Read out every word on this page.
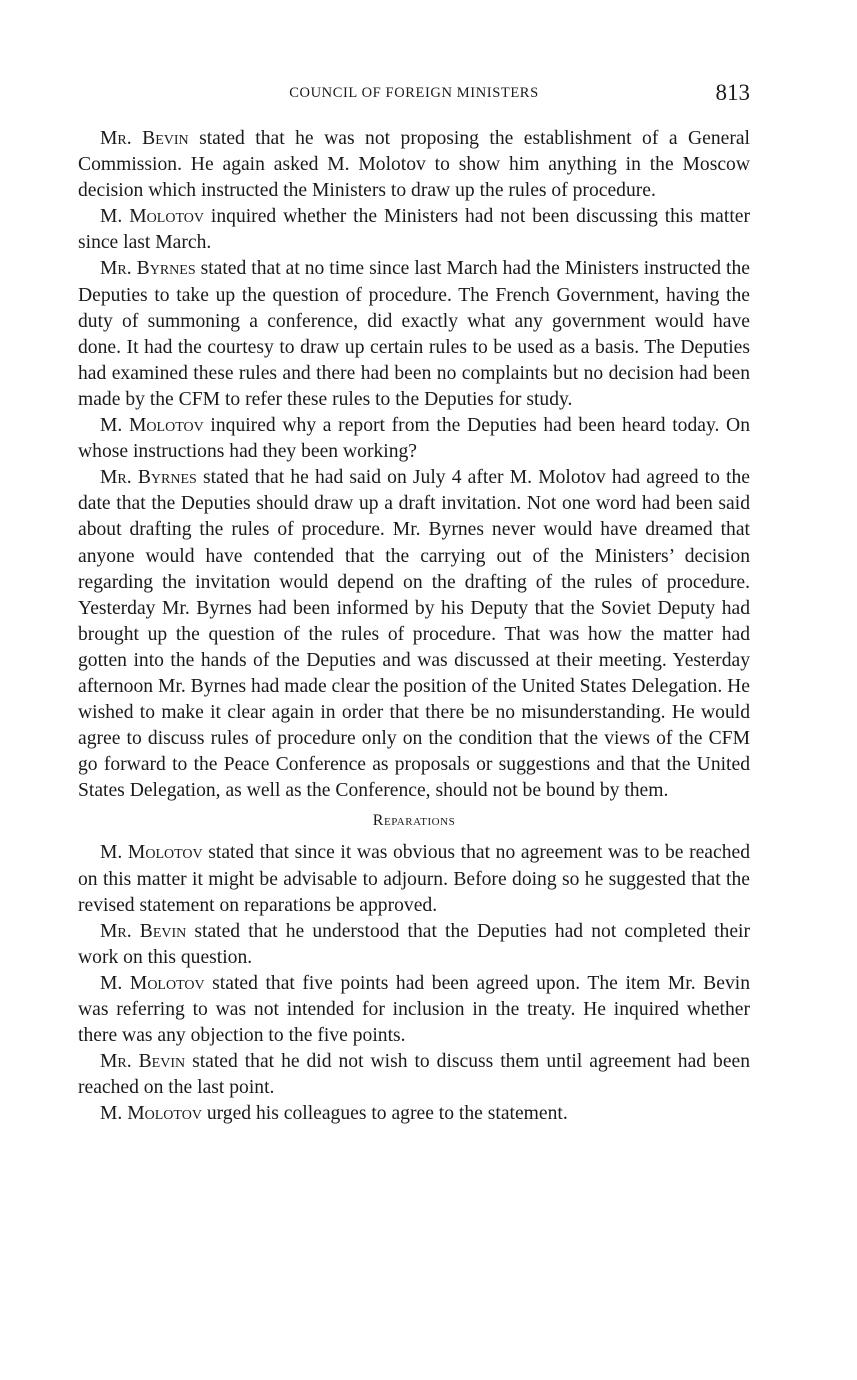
COUNCIL OF FOREIGN MINISTERS	813

Mr. Bevin stated that he was not proposing the establishment of a General Commission. He again asked M. Molotov to show him anything in the Moscow decision which instructed the Ministers to draw up the rules of procedure.

M. Molotov inquired whether the Ministers had not been discussing this matter since last March.

Mr. Byrnes stated that at no time since last March had the Ministers instructed the Deputies to take up the question of procedure. The French Government, having the duty of summoning a conference, did exactly what any government would have done. It had the courtesy to draw up certain rules to be used as a basis. The Deputies had examined these rules and there had been no complaints but no decision had been made by the CFM to refer these rules to the Deputies for study.

M. Molotov inquired why a report from the Deputies had been heard today. On whose instructions had they been working?

Mr. Byrnes stated that he had said on July 4 after M. Molotov had agreed to the date that the Deputies should draw up a draft invitation. Not one word had been said about drafting the rules of procedure. Mr. Byrnes never would have dreamed that anyone would have contended that the carrying out of the Ministers’ decision regarding the invitation would depend on the drafting of the rules of procedure. Yesterday Mr. Byrnes had been informed by his Deputy that the Soviet Deputy had brought up the question of the rules of procedure. That was how the matter had gotten into the hands of the Deputies and was discussed at their meeting. Yesterday afternoon Mr. Byrnes had made clear the position of the United States Delegation. He wished to make it clear again in order that there be no misunderstanding. He would agree to discuss rules of procedure only on the condition that the views of the CFM go forward to the Peace Conference as proposals or suggestions and that the United States Delegation, as well as the Conference, should not be bound by them.

Reparations

M. Molotov stated that since it was obvious that no agreement was to be reached on this matter it might be advisable to adjourn. Before doing so he suggested that the revised statement on reparations be approved.

Mr. Bevin stated that he understood that the Deputies had not completed their work on this question.

M. Molotov stated that five points had been agreed upon. The item Mr. Bevin was referring to was not intended for inclusion in the treaty. He inquired whether there was any objection to the five points.

Mr. Bevin stated that he did not wish to discuss them until agreement had been reached on the last point.

M. Molotov urged his colleagues to agree to the statement.
